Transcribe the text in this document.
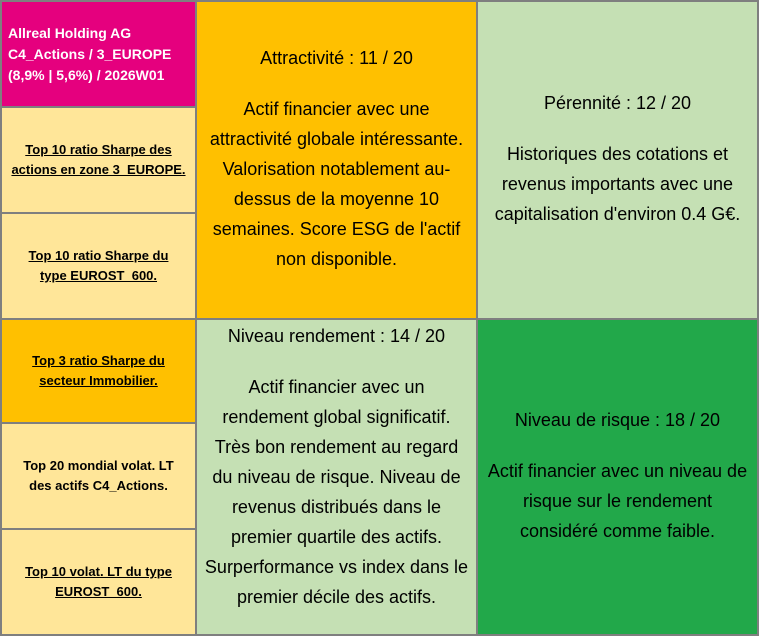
Allreal Holding AG
C4_Actions / 3_EUROPE
(8,9% | 5,6%) / 2026W01
Top 10 ratio Sharpe des
actions en zone 3_EUROPE.
Top 10 ratio Sharpe du
type EUROST_600.
Top 3 ratio Sharpe du
secteur Immobilier.
Top 20 mondial volat. LT
des actifs C4_Actions.
Top 10 volat. LT du type
EUROST_600.
Attractivité : 11 / 20
Actif financier avec une
attractivité globale intéressante.
Valorisation notablement au-
dessus de la moyenne 10
semaines. Score ESG de l'actif
non disponible.
Pérennité : 12 / 20
Historiques des cotations et
revenus importants avec une
capitalisation d'environ 0.4 G€.
Niveau rendement : 14 / 20
Actif financier avec un
rendement global significatif.
Très bon rendement au regard
du niveau de risque. Niveau de
revenus distribués dans le
premier quartile des actifs.
Surperformance vs index dans le
premier décile des actifs.
Niveau de risque : 18 / 20
Actif financier avec un niveau de
risque sur le rendement
considéré comme faible.
